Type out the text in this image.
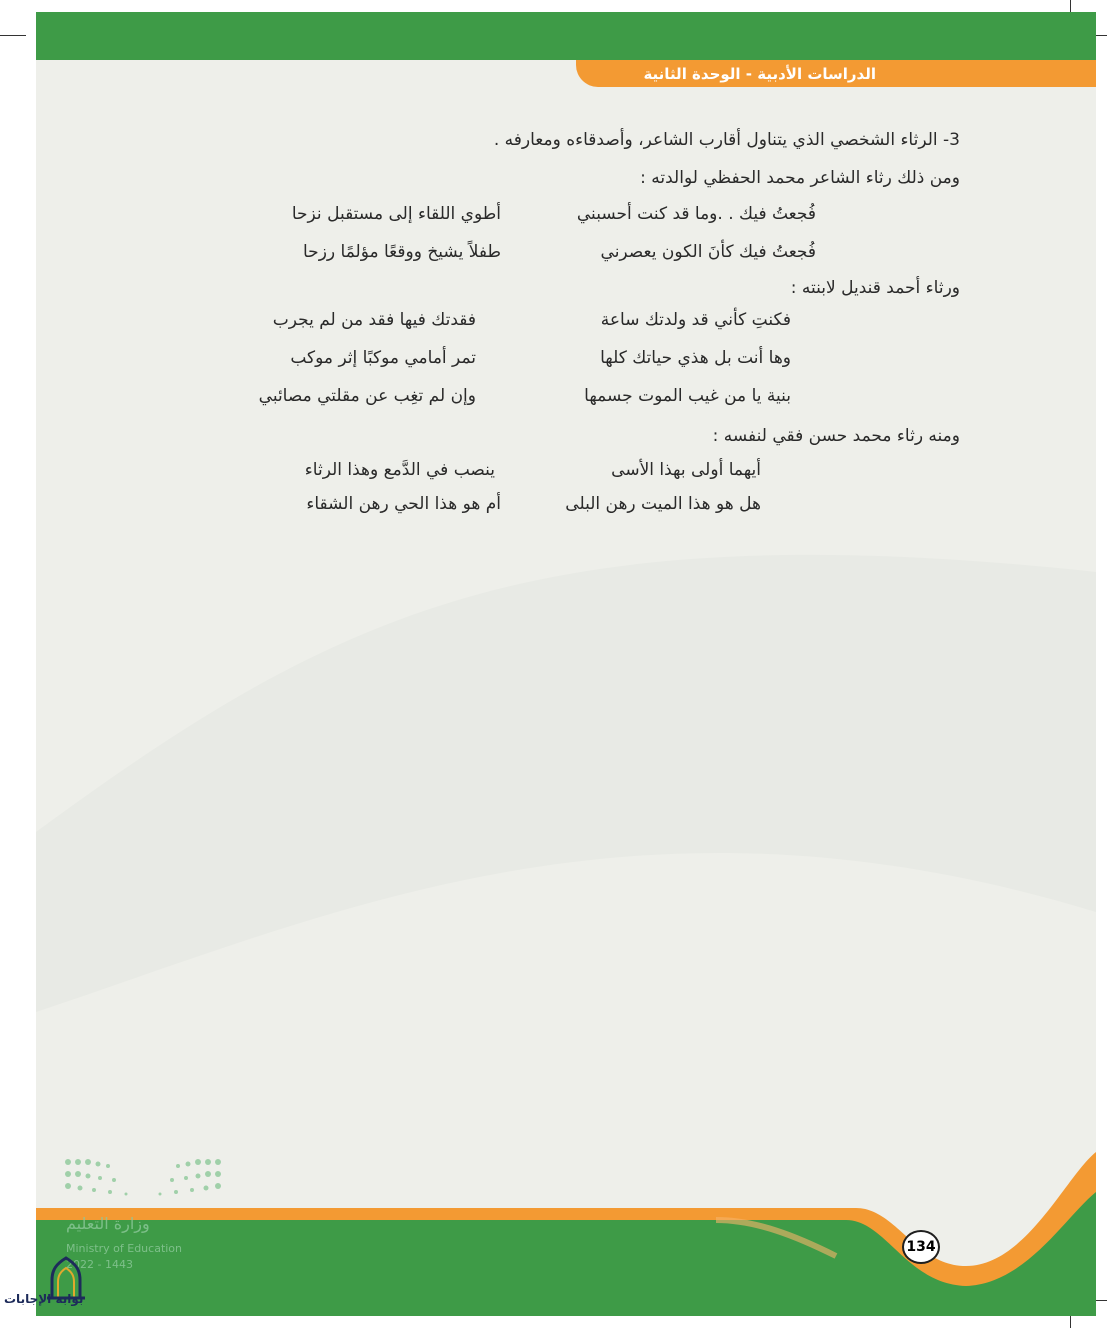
الدراسات الأدبية - الوحدة الثانية
3- الرثاء الشخصي الذي يتناول أقارب الشاعر، وأصدقاءه ومعارفه .
ومن ذلك رثاء الشاعر محمد الحفظي لوالدته :
فُجعتُ فيك . .وما قد كنت أحسبني
أطوي اللقاء إلى مستقبل نزحا
فُجعتُ فيك كأنَ الكون يعصرني
طفلاً يشيخ ووقعًا مؤلمًا رزحا
ورثاء أحمد قنديل لابنته :
فكنتِ كأني قد ولدتك ساعة
فقدتك فيها فقد من لم يجرب
وها أنت بل هذي حياتك كلها
تمر أمامي موكبًا إثر موكب
بنية يا من غيب الموت جسمها
وإن لم تغِب عن مقلتي مصائبي
ومنه رثاء محمد حسن فقي لنفسه :
أيهما أولى بهذا الأسى
ينصب في الدَّمع وهذا الرثاء
هل هو هذا الميت رهن البلى
أم هو هذا الحي رهن الشقاء
وزارة التعليم
Ministry of Education
2022 - 1443
134
بوابة الإجابات
